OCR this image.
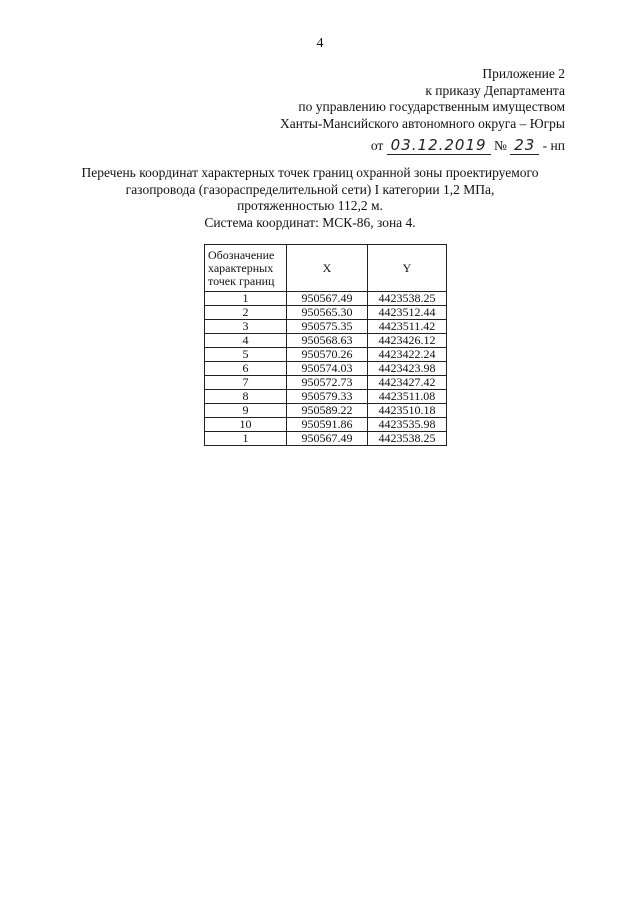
4
Приложение 2
к приказу Департамента
по управлению государственным имуществом
Ханты-Мансийского автономного округа – Югры
от 03.12.2019 № 23 - нп
Перечень координат характерных точек границ охранной зоны проектируемого
газопровода (газораспределительной сети) I категории 1,2 МПа,
протяженностью 112,2 м.
Система координат: МСК-86, зона 4.
Обозначение характерных точек границ	X	Y
1	950567.49	4423538.25
2	950565.30	4423512.44
3	950575.35	4423511.42
4	950568.63	4423426.12
5	950570.26	4423422.24
6	950574.03	4423423.98
7	950572.73	4423427.42
8	950579.33	4423511.08
9	950589.22	4423510.18
10	950591.86	4423535.98
1	950567.49	4423538.25
